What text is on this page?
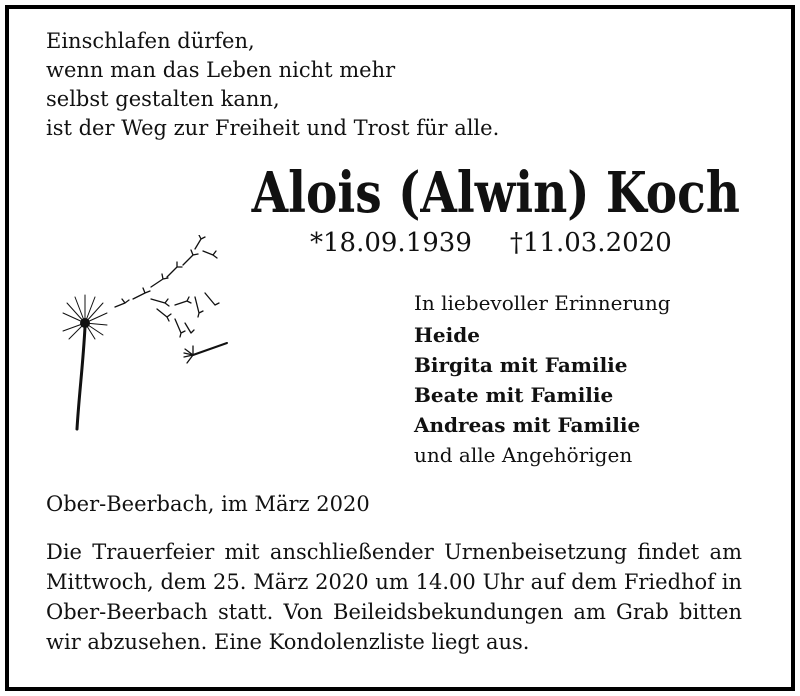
Einschlafen dürfen,
wenn man das Leben nicht mehr
selbst gestalten kann,
ist der Weg zur Freiheit und Trost für alle.
Alois (Alwin) Koch
*18.09.1939 †11.03.2020
In liebevoller Erinnerung
Heide
Birgita mit Familie
Beate mit Familie
Andreas mit Familie
und alle Angehörigen
Ober-Beerbach, im März 2020

Die Trauerfeier mit anschließender Urnenbeisetzung findet am Mittwoch, dem 25. März 2020 um 14.00 Uhr auf dem Friedhof in Ober-Beerbach statt. Von Beileidsbekundungen am Grab bitten wir abzusehen. Eine Kondolenzliste liegt aus.
